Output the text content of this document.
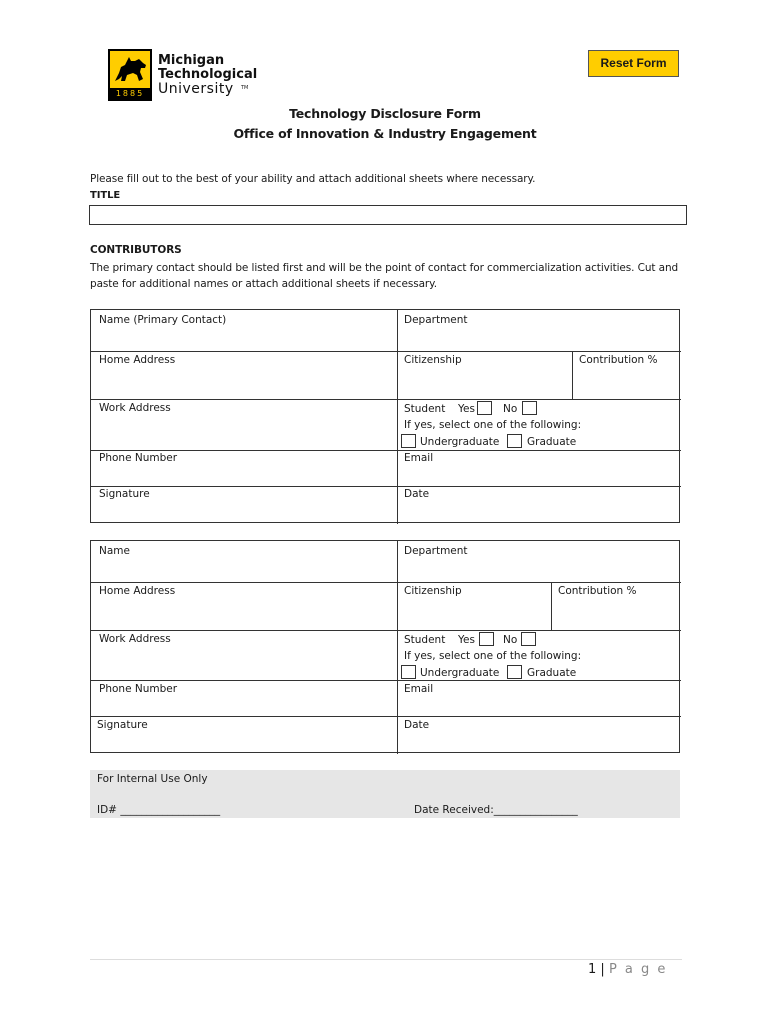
1885
Michigan
Technological
University TM
Reset Form
Technology Disclosure Form
Office of Innovation & Industry Engagement
Please fill out to the best of your ability and attach additional sheets where necessary.
TITLE
CONTRIBUTORS
The primary contact should be listed first and will be the point of contact for commercialization activities. Cut and
paste for additional names or attach additional sheets if necessary.
Name (Primary Contact)	Department
Home Address	Citizenship	Contribution %
Work Address	Student Yes	No
If yes, select one of the following:
Undergraduate	Graduate
Phone Number	Email
Signature	Date
Name	Department
Home Address	Citizenship	Contribution %
Work Address	Student Yes	No
If yes, select one of the following:
Undergraduate	Graduate
Phone Number	Email
Signature	Date
For Internal Use Only
ID# ___________________	Date Received:________________
1 | P a g e
